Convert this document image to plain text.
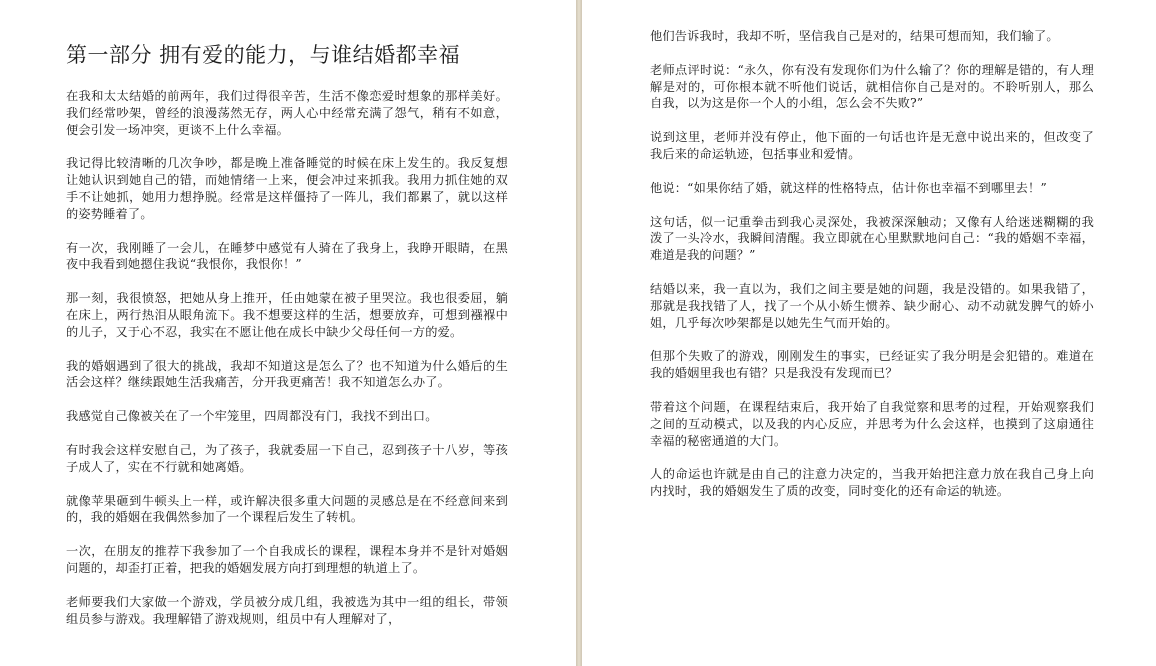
第一部分 拥有爱的能力，与谁结婚都幸福

在我和太太结婚的前两年，我们过得很辛苦，生活不像恋爱时想象的那样美好。我们经常吵架，曾经的浪漫荡然无存，两人心中经常充满了怨气，稍有不如意，便会引发一场冲突，更谈不上什么幸福。

我记得比较清晰的几次争吵，都是晚上准备睡觉的时候在床上发生的。我反复想让她认识到她自己的错，而她情绪一上来，便会冲过来抓我。我用力抓住她的双手不让她抓，她用力想挣脱。经常是这样僵持了一阵儿，我们都累了，就以这样的姿势睡着了。

有一次，我刚睡了一会儿，在睡梦中感觉有人骑在了我身上，我睁开眼睛，在黑夜中我看到她摁住我说“我恨你，我恨你！”

那一刻，我很愤怒，把她从身上推开，任由她蒙在被子里哭泣。我也很委屈，躺在床上，两行热泪从眼角流下。我不想要这样的生活，想要放弃，可想到襁褓中的儿子，又于心不忍，我实在不愿让他在成长中缺少父母任何一方的爱。

我的婚姻遇到了很大的挑战，我却不知道这是怎么了？也不知道为什么婚后的生活会这样？继续跟她生活我痛苦，分开我更痛苦！我不知道怎么办了。

我感觉自己像被关在了一个牢笼里，四周都没有门，我找不到出口。

有时我会这样安慰自己，为了孩子，我就委屈一下自己，忍到孩子十八岁，等孩子成人了，实在不行就和她离婚。

就像苹果砸到牛顿头上一样，或许解决很多重大问题的灵感总是在不经意间来到的，我的婚姻在我偶然参加了一个课程后发生了转机。

一次，在朋友的推荐下我参加了一个自我成长的课程，课程本身并不是针对婚姻问题的，却歪打正着，把我的婚姻发展方向打到理想的轨道上了。

老师要我们大家做一个游戏，学员被分成几组，我被选为其中一组的组长，带领组员参与游戏。我理解错了游戏规则，组员中有人理解对了，

他们告诉我时，我却不听，坚信我自己是对的，结果可想而知，我们输了。

老师点评时说：“永久，你有没有发现你们为什么输了？你的理解是错的，有人理解是对的，可你根本就不听他们说话，就相信你自己是对的。不聆听别人，那么自我，以为这是你一个人的小组，怎么会不失败?”

说到这里，老师并没有停止，他下面的一句话也许是无意中说出来的，但改变了我后来的命运轨迹，包括事业和爱情。

他说：“如果你结了婚，就这样的性格特点，估计你也幸福不到哪里去！”

这句话，似一记重拳击到我心灵深处，我被深深触动；又像有人给迷迷糊糊的我泼了一头冷水，我瞬间清醒。我立即就在心里默默地问自己：“我的婚姻不幸福，难道是我的问题？”

结婚以来，我一直以为，我们之间主要是她的问题，我是没错的。如果我错了，那就是我找错了人，找了一个从小娇生惯养、缺少耐心、动不动就发脾气的娇小姐，几乎每次吵架都是以她先生气而开始的。

但那个失败了的游戏，刚刚发生的事实，已经证实了我分明是会犯错的。难道在我的婚姻里我也有错？只是我没有发现而已？

带着这个问题，在课程结束后，我开始了自我觉察和思考的过程，开始观察我们之间的互动模式，以及我的内心反应，并思考为什么会这样，也摸到了这扇通往幸福的秘密通道的大门。

人的命运也许就是由自己的注意力决定的，当我开始把注意力放在我自己身上向内找时，我的婚姻发生了质的改变，同时变化的还有命运的轨迹。
